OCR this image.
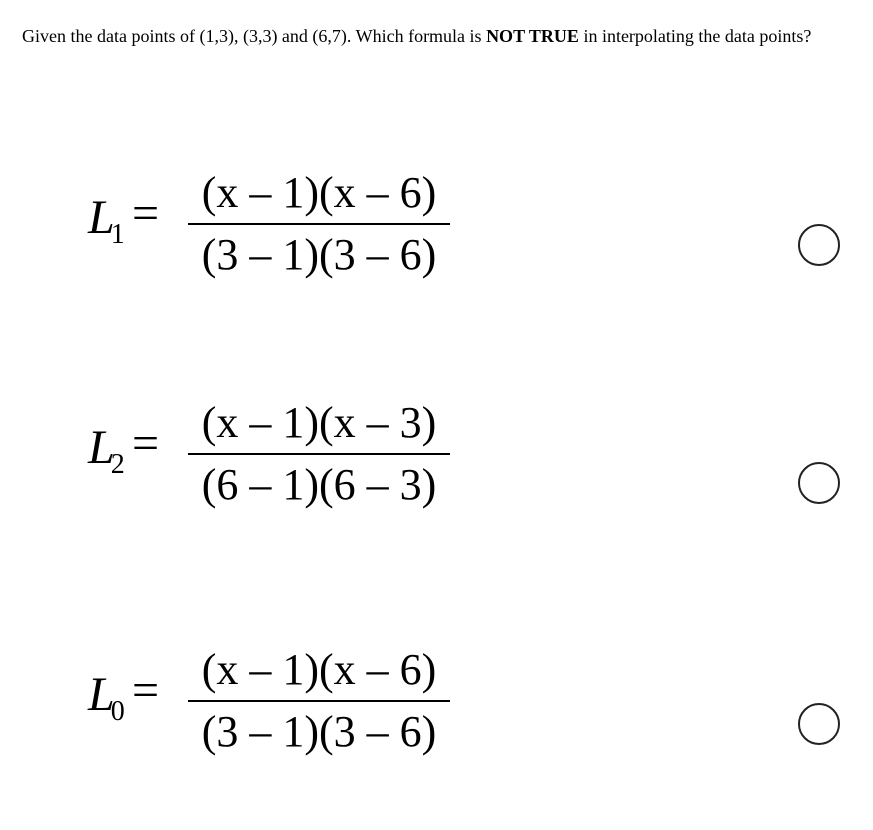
Given the data points of (1,3), (3,3) and (6,7). Which formula is NOT TRUE in interpolating the data points?
$L_1 = (x - 1)(x - 6)$
(3 – 1)(3 – 6)
$L_2 = (x - 1)(x - 3)$
(6 – 1)(6 – 3)
$L_0 = (x - 1)(x - 6)$
(3 – 1)(3 – 6)
